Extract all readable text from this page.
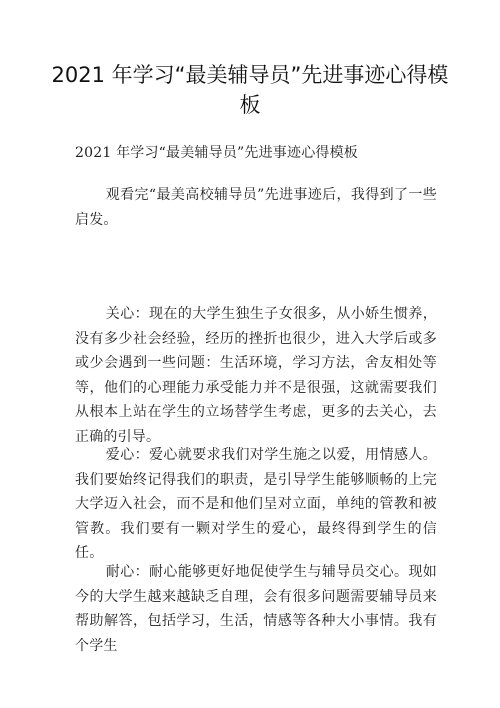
2021 年学习“最美辅导员”先进事迹心得模板

2021 年学习“最美辅导员”先进事迹心得模板

观看完“最美高校辅导员”先进事迹后，我得到了一些启发。

关心：现在的大学生独生子女很多，从小娇生惯养，没有多少社会经验，经历的挫折也很少，进入大学后或多或少会遇到一些问题：生活环境，学习方法，舍友相处等等，他们的心理能力承受能力并不是很强，这就需要我们从根本上站在学生的立场替学生考虑，更多的去关心，去正确的引导。

爱心：爱心就要求我们对学生施之以爱，用情感人。我们要始终记得我们的职责，是引导学生能够顺畅的上完大学迈入社会，而不是和他们呈对立面，单纯的管教和被管教。我们要有一颗对学生的爱心，最终得到学生的信任。

耐心：耐心能够更好地促使学生与辅导员交心。现如今的大学生越来越缺乏自理，会有很多问题需要辅导员来帮助解答，包括学习，生活，情感等各种大小事情。我有个学生
